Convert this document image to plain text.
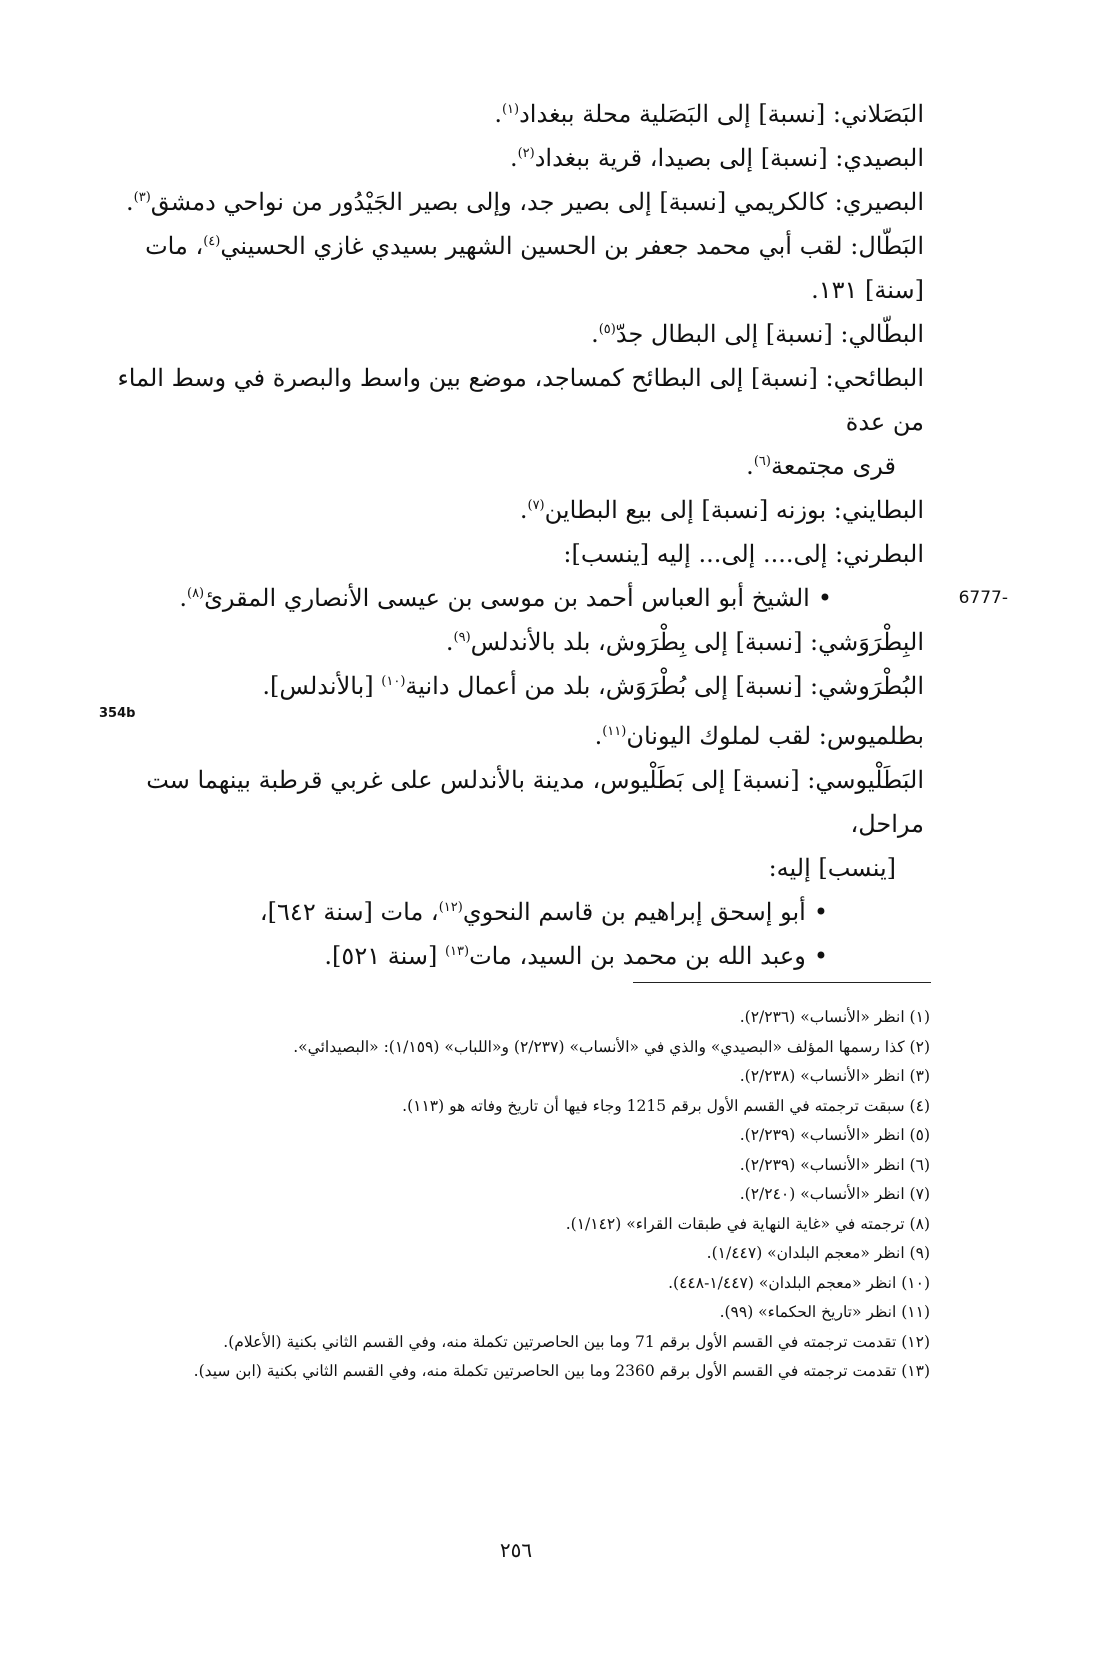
البَصَلاني: [نسبة] إلى البَصَلية محلة ببغداد$^{(١)}$.

البصيدي: [نسبة] إلى بصيدا، قرية ببغداد$^{(٢)}$.

البصيري: كالكريمي [نسبة] إلى بصير جد، وإلى بصير الجَيْدُور من نواحي دمشق$^{(٣)}$.

البَطّال: لقب أبي محمد جعفر بن الحسين الشهير بسيدي غازي الحسيني$^{(٤)}$، مات [سنة] ١٣١.

البطّالي: [نسبة] إلى البطال جدّ$^{(٥)}$.

البطائحي: [نسبة] إلى البطائح كمساجد، موضع بين واسط والبصرة في وسط الماء من عدة
قرى مجتمعة$^{(٦)}$.

البطايني: بوزنه [نسبة] إلى بيع البطاين$^{(٧)}$.

البطرني: إلى.... إلى... إليه [ينسب]:

6777-
•الشيخ أبو العباس أحمد بن موسى بن عيسى الأنصاري المقرئ$^{(٨)}$.

البِطْرَوَشي: [نسبة] إلى بِطْرَوش، بلد بالأندلس$^{(٩)}$.

البُطْرَوشي: [نسبة] إلى بُطْرَوَش، بلد من أعمال دانية$^{(١٠)}$ [بالأندلس].
354b

بطلميوس: لقب لملوك اليونان$^{(١١)}$.

البَطَلْيوسي: [نسبة] إلى بَطَلْيوس، مدينة بالأندلس على غربي قرطبة بينهما ست مراحل،
[ينسب] إليه:

•أبو إسحق إبراهيم بن قاسم النحوي$^{(١٢)}$، مات [سنة ٦٤٢]،

•وعبد الله بن محمد بن السيد، مات$^{(١٣)}$ [سنة ٥٢١].

(١) انظر «الأنساب» (٢/٢٣٦).

(٢) كذا رسمها المؤلف «البصيدي» والذي في «الأنساب» (٢/٢٣٧) و«اللباب» (١/١٥٩): «البصيدائي».

(٣) انظر «الأنساب» (٢/٢٣٨).

(٤) سبقت ترجمته في القسم الأول برقم 1215 وجاء فيها أن تاريخ وفاته هو (١١٣).

(٥) انظر «الأنساب» (٢/٢٣٩).

(٦) انظر «الأنساب» (٢/٢٣٩).

(٧) انظر «الأنساب» (٢/٢٤٠).

(٨) ترجمته في «غاية النهاية في طبقات القراء» (١/١٤٢).

(٩) انظر «معجم البلدان» (١/٤٤٧).

(١٠) انظر «معجم البلدان» (١/٤٤٧-٤٤٨).

(١١) انظر «تاريخ الحكماء» (٩٩).

(١٢) تقدمت ترجمته في القسم الأول برقم 71 وما بين الحاصرتين تكملة منه، وفي القسم الثاني بكنية (الأعلام).

(١٣) تقدمت ترجمته في القسم الأول برقم 2360 وما بين الحاصرتين تكملة منه، وفي القسم الثاني بكنية (ابن سيد).

٢٥٦
